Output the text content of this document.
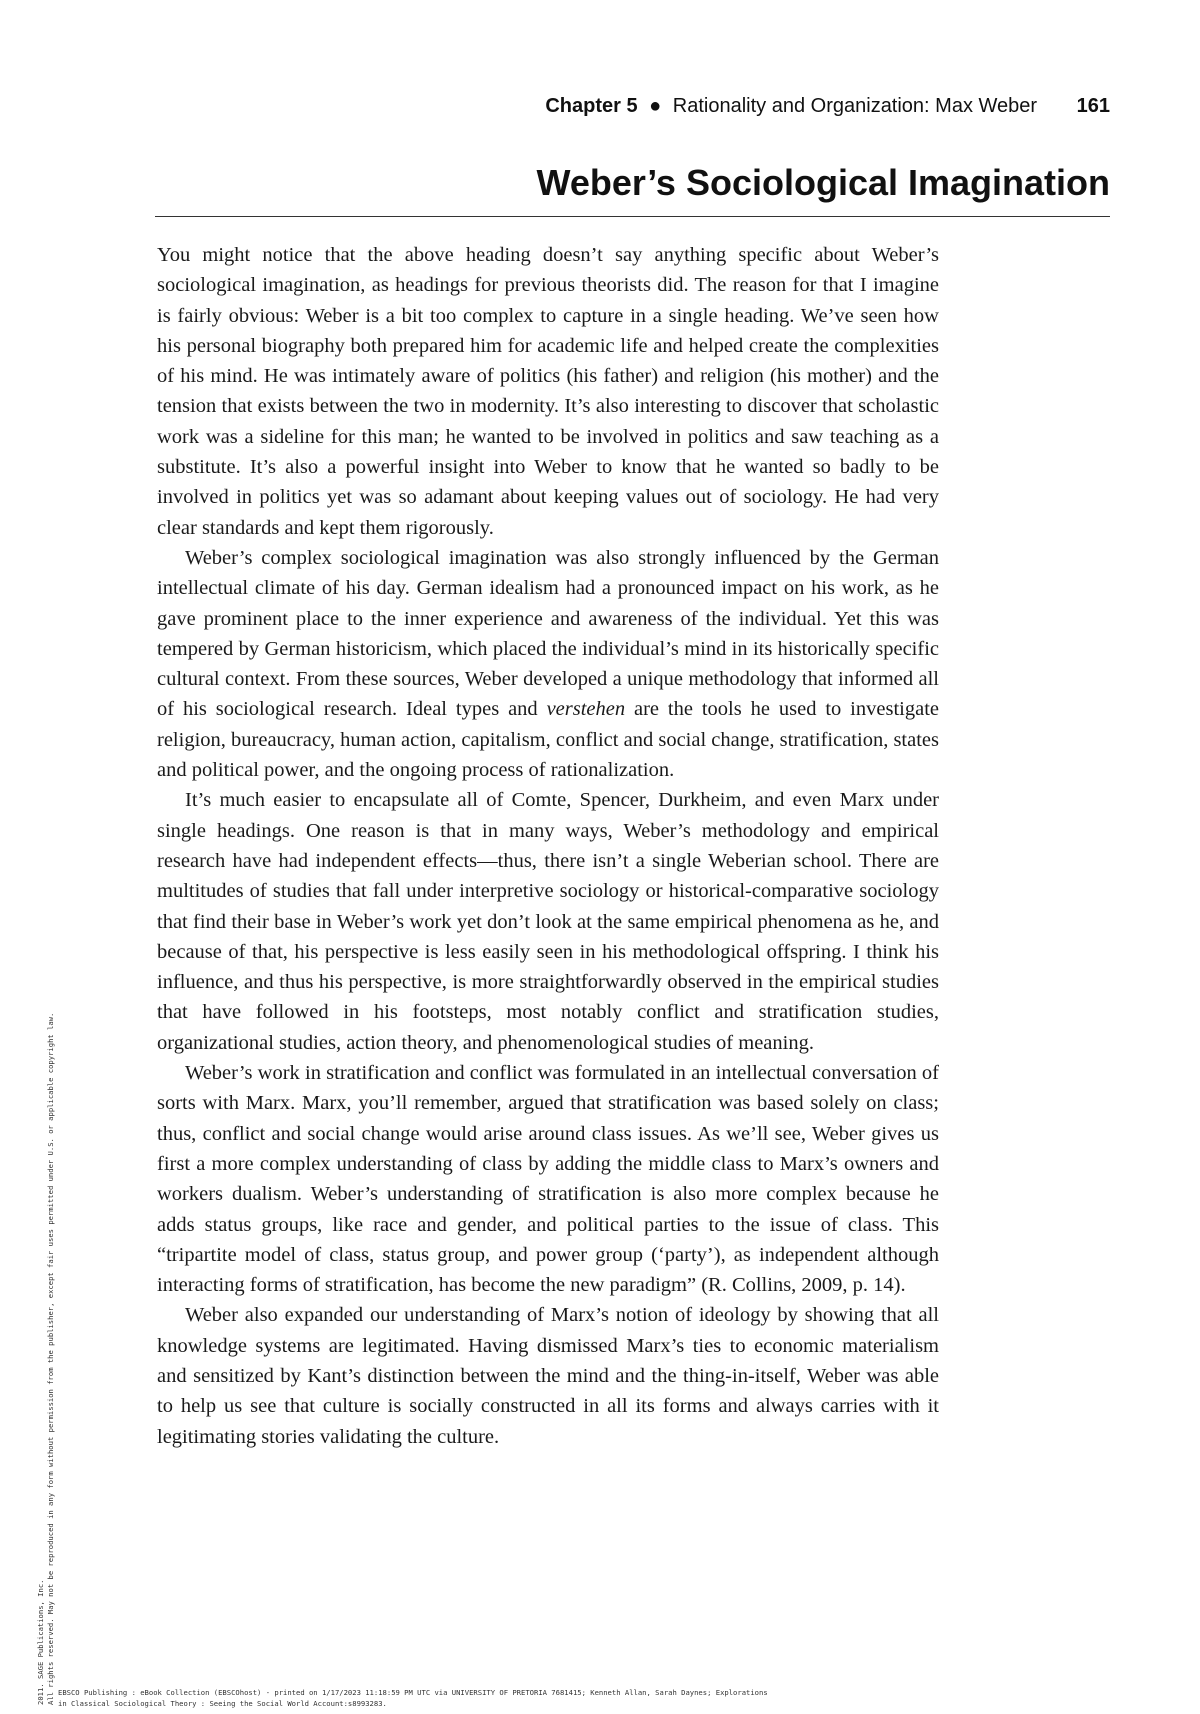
Chapter 5 ● Rationality and Organization: Max Weber 161
Weber’s Sociological Imagination

You might notice that the above heading doesn’t say anything specific about Weber’s sociological imagination, as headings for previous theorists did. The reason for that I imagine is fairly obvious: Weber is a bit too complex to capture in a single heading. We’ve seen how his personal biography both prepared him for academic life and helped create the complexities of his mind. He was intimately aware of politics (his father) and religion (his mother) and the tension that exists between the two in modernity. It’s also interesting to discover that scholastic work was a sideline for this man; he wanted to be involved in politics and saw teaching as a substitute. It’s also a powerful insight into Weber to know that he wanted so badly to be involved in politics yet was so adamant about keeping values out of sociology. He had very clear standards and kept them rigorously.

Weber’s complex sociological imagination was also strongly influenced by the German intellectual climate of his day. German idealism had a pronounced impact on his work, as he gave prominent place to the inner experience and awareness of the individual. Yet this was tempered by German historicism, which placed the individual’s mind in its historically specific cultural context. From these sources, Weber developed a unique methodology that informed all of his sociological research. Ideal types and verstehen are the tools he used to investigate religion, bureaucracy, human action, capitalism, conflict and social change, stratification, states and political power, and the ongoing process of rationalization.

It’s much easier to encapsulate all of Comte, Spencer, Durkheim, and even Marx under single headings. One reason is that in many ways, Weber’s methodology and empirical research have had independent effects—thus, there isn’t a single Weberian school. There are multitudes of studies that fall under interpretive sociology or historical-comparative sociology that find their base in Weber’s work yet don’t look at the same empirical phenomena as he, and because of that, his perspective is less easily seen in his methodological offspring. I think his influence, and thus his perspective, is more straightforwardly observed in the empirical studies that have followed in his footsteps, most notably conflict and stratification studies, organizational studies, action theory, and phenomenological studies of meaning.

Weber’s work in stratification and conflict was formulated in an intellectual conversation of sorts with Marx. Marx, you’ll remember, argued that stratification was based solely on class; thus, conflict and social change would arise around class issues. As we’ll see, Weber gives us first a more complex understanding of class by adding the middle class to Marx’s owners and workers dualism. Weber’s understanding of stratification is also more complex because he adds status groups, like race and gender, and political parties to the issue of class. This “tripartite model of class, status group, and power group (‘party’), as independent although interacting forms of stratification, has become the new paradigm” (R. Collins, 2009, p. 14).

Weber also expanded our understanding of Marx’s notion of ideology by showing that all knowledge systems are legitimated. Having dismissed Marx’s ties to economic materialism and sensitized by Kant’s distinction between the mind and the thing-in-itself, Weber was able to help us see that culture is socially constructed in all its forms and always carries with it legitimating stories validating the culture.

2011. SAGE Publications, Inc. All rights reserved. May not be reproduced in any form without permission from the publisher, except fair uses permitted under U.S. or applicable copyright law. EBSCO Publishing : eBook Collection (EBSCOhost) - printed on 1/17/2023 11:18:59 PM UTC via UNIVERSITY OF PRETORIA 7681415; Kenneth Allan, Sarah Daynes; Explorations
in Classical Sociological Theory : Seeing the Social World Account:s8993283.
